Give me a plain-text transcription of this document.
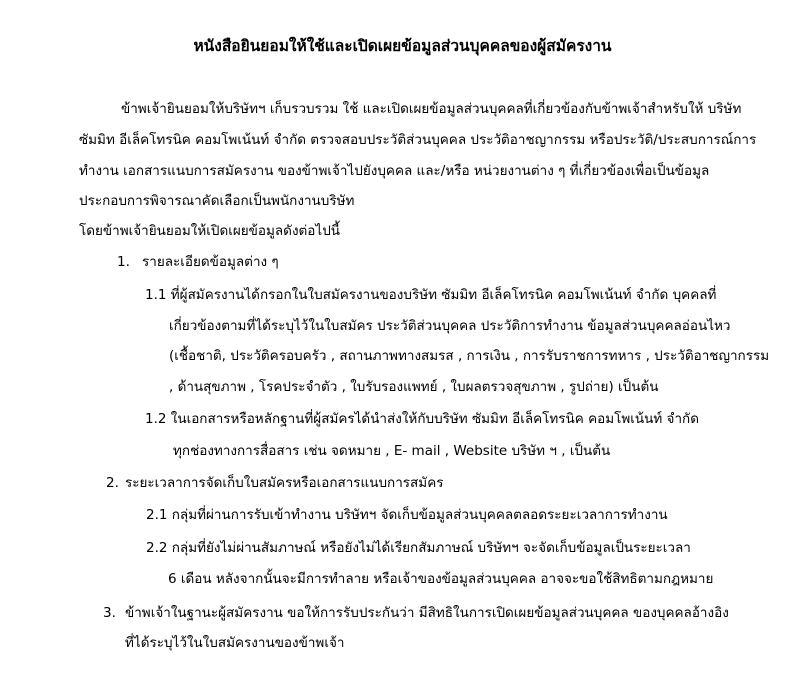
หนังสือยินยอมให้ใช้และเปิดเผยข้อมูลส่วนบุคคลของผู้สมัครงาน
ข้าพเจ้ายินยอมให้บริษัทฯ เก็บรวบรวม ใช้ และเปิดเผยข้อมูลส่วนบุคคลที่เกี่ยวข้องกับข้าพเจ้าสำหรับให้ บริษัท
ซัมมิท อีเล็คโทรนิค คอมโพเน้นท์ จำกัด ตรวจสอบประวัติส่วนบุคคล ประวัติอาชญากรรม หรือประวัติ/ประสบการณ์การ
ทำงาน เอกสารแนบการสมัครงาน ของข้าพเจ้าไปยังบุคคล และ/หรือ หน่วยงานต่าง ๆ ที่เกี่ยวข้องเพื่อเป็นข้อมูล
ประกอบการพิจารณาคัดเลือกเป็นพนักงานบริษัท
โดยข้าพเจ้ายินยอมให้เปิดเผยข้อมูลดังต่อไปนี้
1. รายละเอียดข้อมูลต่าง ๆ
1.1 ที่ผู้สมัครงานได้กรอกในใบสมัครงานของบริษัท ซัมมิท อีเล็คโทรนิค คอมโพเน้นท์ จำกัด บุคคลที่
เกี่ยวข้องตามที่ได้ระบุไว้ในใบสมัคร ประวัติส่วนบุคคล ประวัติการทำงาน ข้อมูลส่วนบุคคลอ่อนไหว
(เชื้อชาติ, ประวัติครอบครัว , สถานภาพทางสมรส , การเงิน , การรับราชการทหาร , ประวัติอาชญากรรม
, ด้านสุขภาพ , โรคประจำตัว , ใบรับรองแพทย์ , ใบผลตรวจสุขภาพ , รูปถ่าย) เป็นต้น
1.2 ในเอกสารหรือหลักฐานที่ผู้สมัครได้นำส่งให้กับบริษัท ซัมมิท อีเล็คโทรนิค คอมโพเน้นท์ จำกัด
ทุกช่องทางการสื่อสาร เช่น จดหมาย , E- mail , Website บริษัท ฯ , เป็นต้น
2. ระยะเวลาการจัดเก็บใบสมัครหรือเอกสารแนบการสมัคร
2.1 กลุ่มที่ผ่านการรับเข้าทำงาน บริษัทฯ จัดเก็บข้อมูลส่วนบุคคลตลอดระยะเวลาการทำงาน
2.2 กลุ่มที่ยังไม่ผ่านสัมภาษณ์ หรือยังไม่ได้เรียกสัมภาษณ์ บริษัทฯ จะจัดเก็บข้อมูลเป็นระยะเวลา
6 เดือน หลังจากนั้นจะมีการทำลาย หรือเจ้าของข้อมูลส่วนบุคคล อาจจะขอใช้สิทธิตามกฎหมาย
3. ข้าพเจ้าในฐานะผู้สมัครงาน ขอให้การรับประกันว่า มีสิทธิในการเปิดเผยข้อมูลส่วนบุคคล ของบุคคลอ้างอิง
ที่ได้ระบุไว้ในใบสมัครงานของข้าพเจ้า
